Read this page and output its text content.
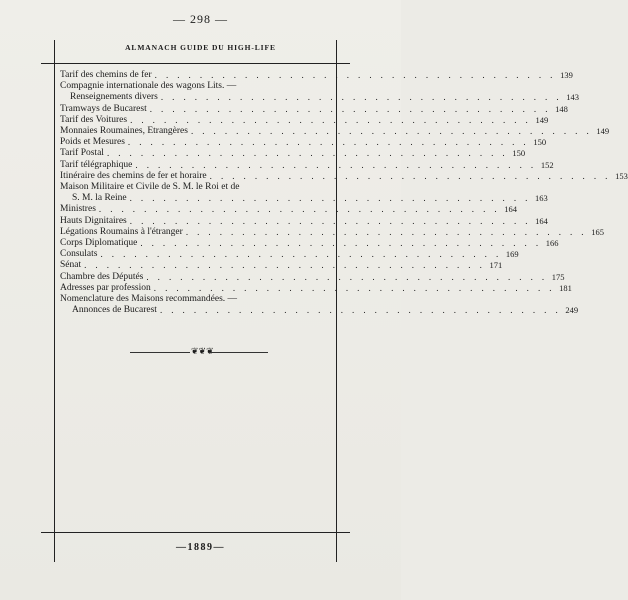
— 298 —
ALMANACH GUIDE DU HIGH-LIFE
Tarif des chemins de fer . . . . . . . . . . . . . . . . . . . . . . . . . . . . . . . . . . . . 139
Compagnie internationale des wagons Lits. —
Renseignements divers . . . . . . . . . . . . . . . . . . . . . . . . . . . . . . . . . . . . 143
Tramways de Bucarest . . . . . . . . . . . . . . . . . . . . . . . . . . . . . . . . . . . . 148
Tarif des Voitures . . . . . . . . . . . . . . . . . . . . . . . . . . . . . . . . . . . . 149
Monnaies Roumaines, Etrangères . . . . . . . . . . . . . . . . . . . . . . . . . . . . . . . . . . . . 149
Poids et Mesures . . . . . . . . . . . . . . . . . . . . . . . . . . . . . . . . . . . . 150
Tarif Postal . . . . . . . . . . . . . . . . . . . . . . . . . . . . . . . . . . . . 150
Tarif télégraphique . . . . . . . . . . . . . . . . . . . . . . . . . . . . . . . . . . . . 152
Itinéraire des chemins de fer et horaire . . . . . . . . . . . . . . . . . . . . . . . . . . . . . . . . . . . . 153
Maison Militaire et Civile de S. M. le Roi et de
S. M. la Reine . . . . . . . . . . . . . . . . . . . . . . . . . . . . . . . . . . . . 163
Ministres . . . . . . . . . . . . . . . . . . . . . . . . . . . . . . . . . . . . 164
Hauts Dignitaires . . . . . . . . . . . . . . . . . . . . . . . . . . . . . . . . . . . . 164
Légations Roumains à l'étranger . . . . . . . . . . . . . . . . . . . . . . . . . . . . . . . . . . . . 165
Corps Diplomatique . . . . . . . . . . . . . . . . . . . . . . . . . . . . . . . . . . . . 166
Consulats . . . . . . . . . . . . . . . . . . . . . . . . . . . . . . . . . . . . 169
Sénat . . . . . . . . . . . . . . . . . . . . . . . . . . . . . . . . . . . . 171
Chambre des Députés . . . . . . . . . . . . . . . . . . . . . . . . . . . . . . . . . . . . 175
Adresses par profession . . . . . . . . . . . . . . . . . . . . . . . . . . . . . . . . . . . . 181
Nomenclature des Maisons recommandées. —
Annonces de Bucarest . . . . . . . . . . . . . . . . . . . . . . . . . . . . . . . . . . . . 249
❦❦❦
—1889—
